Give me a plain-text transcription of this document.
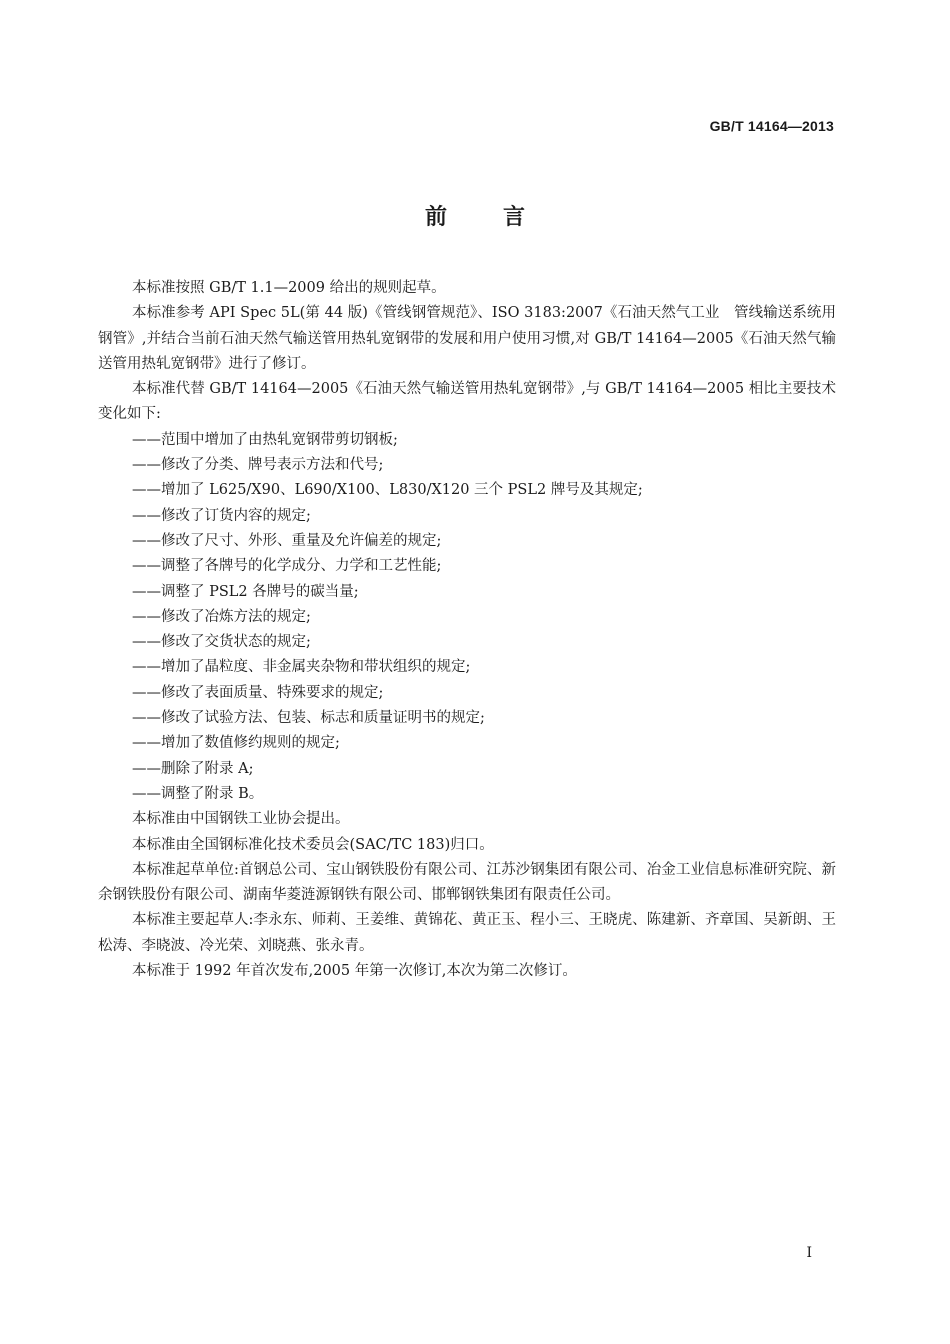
GB/T 14164—2013
前言

本标准按照 GB/T 1.1—2009 给出的规则起草。

本标准参考 API Spec 5L(第 44 版)《管线钢管规范》、ISO 3183:2007《石油天然气工业　管线输送系统用钢管》,并结合当前石油天然气输送管用热轧宽钢带的发展和用户使用习惯,对 GB/T 14164—2005《石油天然气输送管用热轧宽钢带》进行了修订。

本标准代替 GB/T 14164—2005《石油天然气输送管用热轧宽钢带》,与 GB/T 14164—2005 相比主要技术变化如下:

——范围中增加了由热轧宽钢带剪切钢板;
——修改了分类、牌号表示方法和代号;
——增加了 L625/X90、L690/X100、L830/X120 三个 PSL2 牌号及其规定;
——修改了订货内容的规定;
——修改了尺寸、外形、重量及允许偏差的规定;
——调整了各牌号的化学成分、力学和工艺性能;
——调整了 PSL2 各牌号的碳当量;
——修改了冶炼方法的规定;
——修改了交货状态的规定;
——增加了晶粒度、非金属夹杂物和带状组织的规定;
——修改了表面质量、特殊要求的规定;
——修改了试验方法、包装、标志和质量证明书的规定;
——增加了数值修约规则的规定;
——删除了附录 A;
——调整了附录 B。

本标准由中国钢铁工业协会提出。

本标准由全国钢标准化技术委员会(SAC/TC 183)归口。

本标准起草单位:首钢总公司、宝山钢铁股份有限公司、江苏沙钢集团有限公司、冶金工业信息标准研究院、新余钢铁股份有限公司、湖南华菱涟源钢铁有限公司、邯郸钢铁集团有限责任公司。

本标准主要起草人:李永东、师莉、王姜维、黄锦花、黄正玉、程小三、王晓虎、陈建新、齐章国、吴新朗、王松涛、李晓波、冷光荣、刘晓燕、张永青。

本标准于 1992 年首次发布,2005 年第一次修订,本次为第二次修订。

I
